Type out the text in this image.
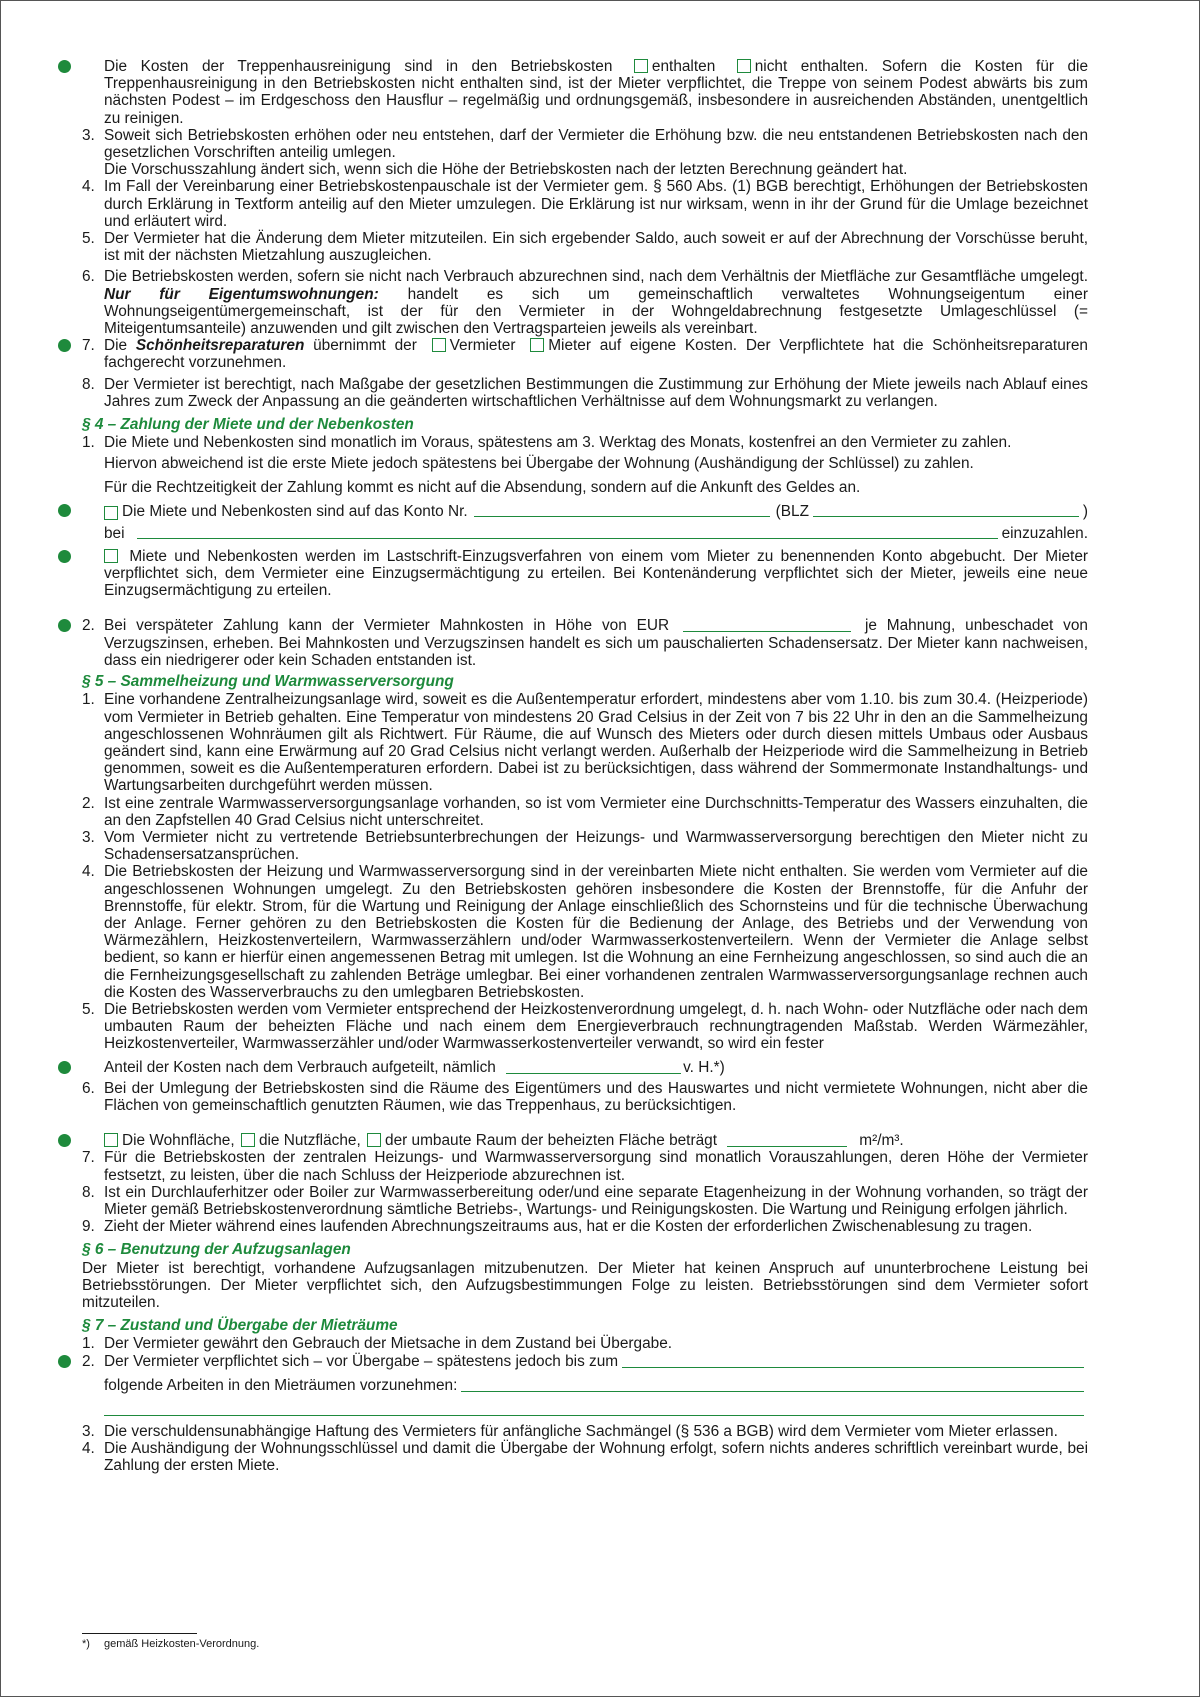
Die Kosten der Treppenhausreinigung sind in den Betriebskosten	enthalten	nicht enthalten. Sofern die Kosten für die Treppenhausreinigung in den Betriebskosten nicht enthalten sind, ist der Mieter verpflichtet, die Treppe von seinem Podest abwärts bis zum nächsten Podest – im Erdgeschoss den Hausflur – regelmäßig und ordnungsgemäß, insbesondere in ausreichenden Abständen, unentgeltlich zu reinigen.
3. Soweit sich Betriebskosten erhöhen oder neu entstehen, darf der Vermieter die Erhöhung bzw. die neu entstandenen Betriebskosten nach den gesetzlichen Vorschriften anteilig umlegen.
Die Vorschusszahlung ändert sich, wenn sich die Höhe der Betriebskosten nach der letzten Berechnung geändert hat.
4. Im Fall der Vereinbarung einer Betriebskostenpauschale ist der Vermieter gem. § 560 Abs. (1) BGB berechtigt, Erhöhungen der Betriebskosten durch Erklärung in Textform anteilig auf den Mieter umzulegen. Die Erklärung ist nur wirksam, wenn in ihr der Grund für die Umlage bezeichnet und erläutert wird.
5. Der Vermieter hat die Änderung dem Mieter mitzuteilen. Ein sich ergebender Saldo, auch soweit er auf der Abrechnung der Vorschüsse beruht, ist mit der nächsten Mietzahlung auszugleichen.
6. Die Betriebskosten werden, sofern sie nicht nach Verbrauch abzurechnen sind, nach dem Verhältnis der Mietfläche zur Gesamtfläche umgelegt. Nur für Eigentumswohnungen: handelt es sich um gemeinschaftlich verwaltetes Wohnungseigentum einer Wohnungseigentümergemeinschaft, ist der für den Vermieter in der Wohngeldabrechnung festgesetzte Umlageschlüssel (= Miteigentumsanteile) anzuwenden und gilt zwischen den Vertragsparteien jeweils als vereinbart.
7. Die Schönheitsreparaturen übernimmt der Vermieter Mieter auf eigene Kosten. Der Verpflichtete hat die Schönheitsreparaturen fachgerecht vorzunehmen.
8. Der Vermieter ist berechtigt, nach Maßgabe der gesetzlichen Bestimmungen die Zustimmung zur Erhöhung der Miete jeweils nach Ablauf eines Jahres zum Zweck der Anpassung an die geänderten wirtschaftlichen Verhältnisse auf dem Wohnungsmarkt zu verlangen.
§ 4 – Zahlung der Miete und der Nebenkosten
1. Die Miete und Nebenkosten sind monatlich im Voraus, spätestens am 3. Werktag des Monats, kostenfrei an den Vermieter zu zahlen.
Hiervon abweichend ist die erste Miete jedoch spätestens bei Übergabe der Wohnung (Aushändigung der Schlüssel) zu zahlen.
Für die Rechtzeitigkeit der Zahlung kommt es nicht auf die Absendung, sondern auf die Ankunft des Geldes an.
Die Miete und Nebenkosten sind auf das Konto Nr.	(BLZ	)
bei	einzuzahlen.
Miete und Nebenkosten werden im Lastschrift-Einzugsverfahren von einem vom Mieter zu benennenden Konto abgebucht. Der Mieter verpflichtet sich, dem Vermieter eine Einzugsermächtigung zu erteilen. Bei Kontenänderung verpflichtet sich der Mieter, jeweils eine neue Einzugsermächtigung zu erteilen.
2. Bei verspäteter Zahlung kann der Vermieter Mahnkosten in Höhe von EUR	je Mahnung, unbeschadet von Verzugszinsen, erheben. Bei Mahnkosten und Verzugszinsen handelt es sich um pauschalierten Schadensersatz. Der Mieter kann nachweisen, dass ein niedrigerer oder kein Schaden entstanden ist.
§ 5 – Sammelheizung und Warmwasserversorgung
1. Eine vorhandene Zentralheizungsanlage wird, soweit es die Außentemperatur erfordert, mindestens aber vom 1.10. bis zum 30.4. (Heizperiode) vom Vermieter in Betrieb gehalten. Eine Temperatur von mindestens 20 Grad Celsius in der Zeit von 7 bis 22 Uhr in den an die Sammelheizung angeschlossenen Wohnräumen gilt als Richtwert. Für Räume, die auf Wunsch des Mieters oder durch diesen mittels Umbaus oder Ausbaus geändert sind, kann eine Erwärmung auf 20 Grad Celsius nicht verlangt werden. Außerhalb der Heizperiode wird die Sammelheizung in Betrieb genommen, soweit es die Außentemperaturen erfordern. Dabei ist zu berücksichtigen, dass während der Sommermonate Instandhaltungs- und Wartungsarbeiten durchgeführt werden müssen.
2. Ist eine zentrale Warmwasserversorgungsanlage vorhanden, so ist vom Vermieter eine Durchschnitts-Temperatur des Wassers einzuhalten, die an den Zapfstellen 40 Grad Celsius nicht unterschreitet.
3. Vom Vermieter nicht zu vertretende Betriebsunterbrechungen der Heizungs- und Warmwasserversorgung berechtigen den Mieter nicht zu Schadensersatzansprüchen.
4. Die Betriebskosten der Heizung und Warmwasserversorgung sind in der vereinbarten Miete nicht enthalten. Sie werden vom Vermieter auf die angeschlossenen Wohnungen umgelegt. Zu den Betriebskosten gehören insbesondere die Kosten der Brennstoffe, für die Anfuhr der Brennstoffe, für elektr. Strom, für die Wartung und Reinigung der Anlage einschließlich des Schornsteins und für die technische Überwachung der Anlage. Ferner gehören zu den Betriebskosten die Kosten für die Bedienung der Anlage, des Betriebs und der Verwendung von Wärmezählern, Heizkostenverteilern, Warmwasserzählern und/oder Warmwasserkostenverteilern. Wenn der Vermieter die Anlage selbst bedient, so kann er hierfür einen angemessenen Betrag mit umlegen. Ist die Wohnung an eine Fernheizung angeschlossen, so sind auch die an die Fernheizungsgesellschaft zu zahlenden Beträge umlegbar. Bei einer vorhandenen zentralen Warmwasserversorgungsanlage rechnen auch die Kosten des Wasserverbrauchs zu den umlegbaren Betriebskosten.
5. Die Betriebskosten werden vom Vermieter entsprechend der Heizkostenverordnung umgelegt, d. h. nach Wohn- oder Nutzfläche oder nach dem umbauten Raum der beheizten Fläche und nach einem dem Energieverbrauch rechnungtragenden Maßstab. Werden Wärmezähler, Heizkostenverteiler, Warmwasserzähler und/oder Warmwasserkostenverteiler verwandt, so wird ein fester
Anteil der Kosten nach dem Verbrauch aufgeteilt, nämlich	v. H.*)
6. Bei der Umlegung der Betriebskosten sind die Räume des Eigentümers und des Hauswartes und nicht vermietete Wohnungen, nicht aber die Flächen von gemeinschaftlich genutzten Räumen, wie das Treppenhaus, zu berücksichtigen.
Die Wohnfläche, die Nutzfläche, der umbaute Raum der beheizten Fläche beträgt	m²/m³.
7. Für die Betriebskosten der zentralen Heizungs- und Warmwasserversorgung sind monatlich Vorauszahlungen, deren Höhe der Vermieter festsetzt, zu leisten, über die nach Schluss der Heizperiode abzurechnen ist.
8. Ist ein Durchlauferhitzer oder Boiler zur Warmwasserbereitung oder/und eine separate Etagenheizung in der Wohnung vorhanden, so trägt der Mieter gemäß Betriebskostenverordnung sämtliche Betriebs-, Wartungs- und Reinigungskosten. Die Wartung und Reinigung erfolgen jährlich.
9. Zieht der Mieter während eines laufenden Abrechnungszeitraums aus, hat er die Kosten der erforderlichen Zwischenablesung zu tragen.
§ 6 – Benutzung der Aufzugsanlagen
Der Mieter ist berechtigt, vorhandene Aufzugsanlagen mitzubenutzen. Der Mieter hat keinen Anspruch auf ununterbrochene Leistung bei Betriebsstörungen. Der Mieter verpflichtet sich, den Aufzugsbestimmungen Folge zu leisten. Betriebsstörungen sind dem Vermieter sofort mitzuteilen.
§ 7 – Zustand und Übergabe der Mieträume
1. Der Vermieter gewährt den Gebrauch der Mietsache in dem Zustand bei Übergabe.
2. Der Vermieter verpflichtet sich – vor Übergabe – spätestens jedoch bis zum
folgende Arbeiten in den Mieträumen vorzunehmen:
3. Die verschuldensunabhängige Haftung des Vermieters für anfängliche Sachmängel (§ 536 a BGB) wird dem Vermieter vom Mieter erlassen.
4. Die Aushändigung der Wohnungsschlüssel und damit die Übergabe der Wohnung erfolgt, sofern nichts anderes schriftlich vereinbart wurde, bei Zahlung der ersten Miete.
*) gemäß Heizkosten-Verordnung.
